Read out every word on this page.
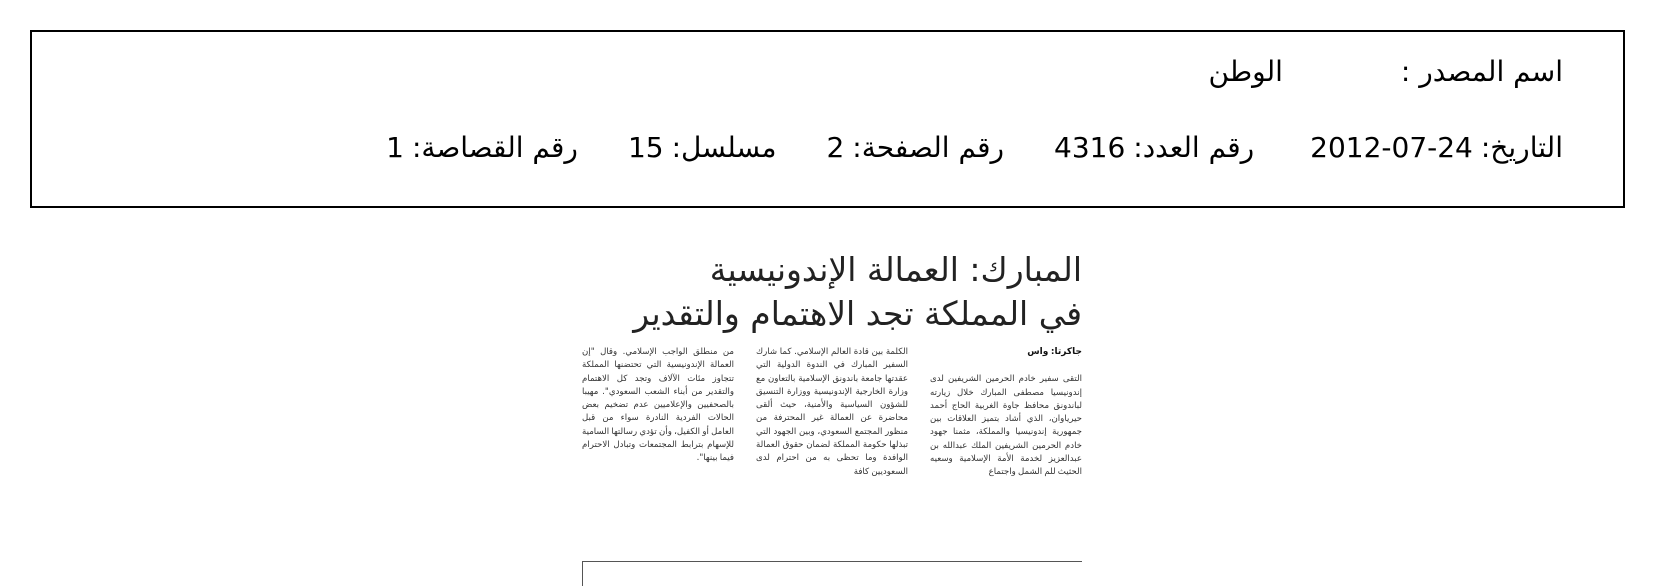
اسم المصدر :
الوطن
التاريخ:
2012-07-24
رقم العدد:
4316
رقم الصفحة:
2
مسلسل:
15
رقم القصاصة:
1
المبارك: العمالة الإندونيسية
في المملكة تجد الاهتمام والتقدير
جاكرتا: واس

التقى سفير خادم الحرمين الشريفين لدى إندونيسيا مصطفى المبارك خلال زيارته لباندونق محافظ جاوة الغربية الحاج أحمد حيرياوان، الذي أشاد بتميز العلاقات بين جمهورية إندونيسيا والمملكة، مثمنا جهود خادم الحرمين الشريفين الملك عبدالله بن عبدالعزيز لخدمة الأمة الإسلامية وسعيه الحثيث للم الشمل واجتماع

الكلمة بين قادة العالم الإسلامي. كما شارك السفير المبارك في الندوة الدولية التي عقدتها جامعة باندونق الإسلامية بالتعاون مع وزارة الخارجية الإندونيسية ووزارة التنسيق للشؤون السياسية والأمنية، حيث ألقى محاضرة عن العمالة غير المحترفة من منظور المجتمع السعودي، وبين الجهود التي تبذلها حكومة المملكة لضمان حقوق العمالة الوافدة وما تحظى به من احترام لدى السعوديين كافة

من منطلق الواجب الإسلامي. وقال "إن العمالة الإندونيسية التي تحتضنها المملكة تتجاوز مئات الآلاف وتجد كل الاهتمام والتقدير من أبناء الشعب السعودي". مهيبا بالصحفيين والإعلاميين عدم تضخيم بعض الحالات الفردية النادرة سواء من قبل العامل أو الكفيل، وأن تؤدي رسالتها السامية للإسهام بترابط المجتمعات وتبادل الاحترام فيما بينها".
